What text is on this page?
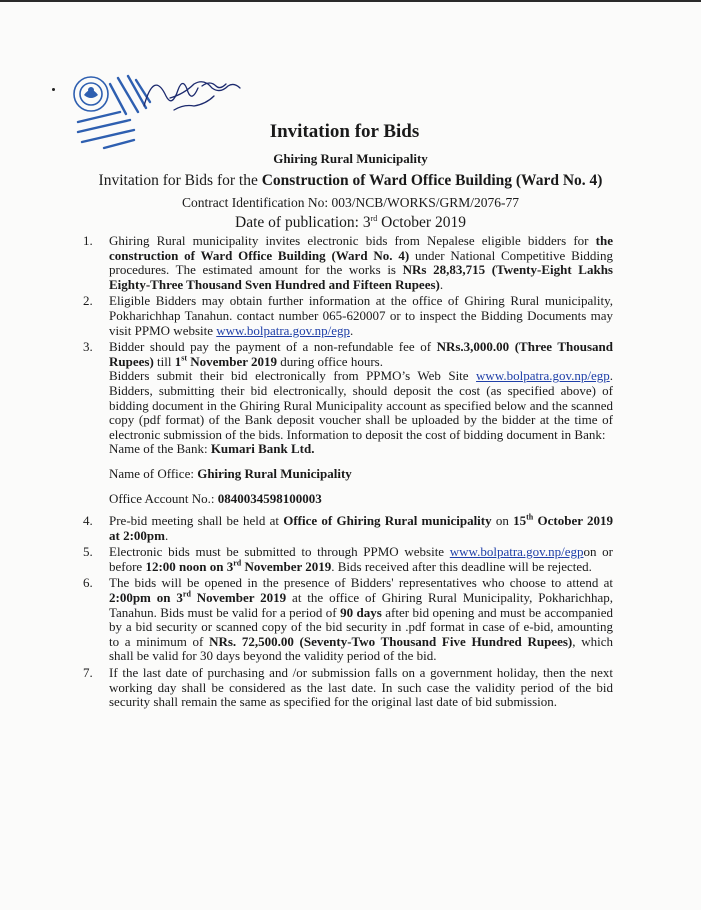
Invitation for Bids
Ghiring Rural Municipality
Invitation for Bids for the Construction of Ward Office Building (Ward No. 4)
Contract Identification No: 003/NCB/WORKS/GRM/2076-77
Date of publication: 3rd October 2019
1. Ghiring Rural municipality invites electronic bids from Nepalese eligible bidders for the construction of Ward Office Building (Ward No. 4) under National Competitive Bidding procedures. The estimated amount for the works is NRs 28,83,715 (Twenty-Eight Lakhs Eighty-Three Thousand Sven Hundred and Fifteen Rupees).
2. Eligible Bidders may obtain further information at the office of Ghiring Rural municipality, Pokharichhap Tanahun. contact number 065-620007 or to inspect the Bidding Documents may visit PPMO website www.bolpatra.gov.np/egp.
3. Bidder should pay the payment of a non-refundable fee of NRs.3,000.00 (Three Thousand Rupees) till 1st November 2019 during office hours.
Bidders submit their bid electronically from PPMO’s Web Site www.bolpatra.gov.np/egp. Bidders, submitting their bid electronically, should deposit the cost (as specified above) of bidding document in the Ghiring Rural Municipality account as specified below and the scanned copy (pdf format) of the Bank deposit voucher shall be uploaded by the bidder at the time of electronic submission of the bids. Information to deposit the cost of bidding document in Bank:
Name of the Bank: Kumari Bank Ltd.
Name of Office: Ghiring Rural Municipality
Office Account No.: 0840034598100003
4. Pre-bid meeting shall be held at Office of Ghiring Rural municipality on 15th October 2019 at 2:00pm.
5. Electronic bids must be submitted to through PPMO website www.bolpatra.gov.np/egpon or before 12:00 noon on 3rd November 2019. Bids received after this deadline will be rejected.
6. The bids will be opened in the presence of Bidders' representatives who choose to attend at 2:00pm on 3rd November 2019 at the office of Ghiring Rural Municipality, Pokharichhap, Tanahun. Bids must be valid for a period of 90 days after bid opening and must be accompanied by a bid security or scanned copy of the bid security in .pdf format in case of e-bid, amounting to a minimum of NRs. 72,500.00 (Seventy-Two Thousand Five Hundred Rupees), which shall be valid for 30 days beyond the validity period of the bid.
7. If the last date of purchasing and /or submission falls on a government holiday, then the next working day shall be considered as the last date. In such case the validity period of the bid security shall remain the same as specified for the original last date of bid submission.
